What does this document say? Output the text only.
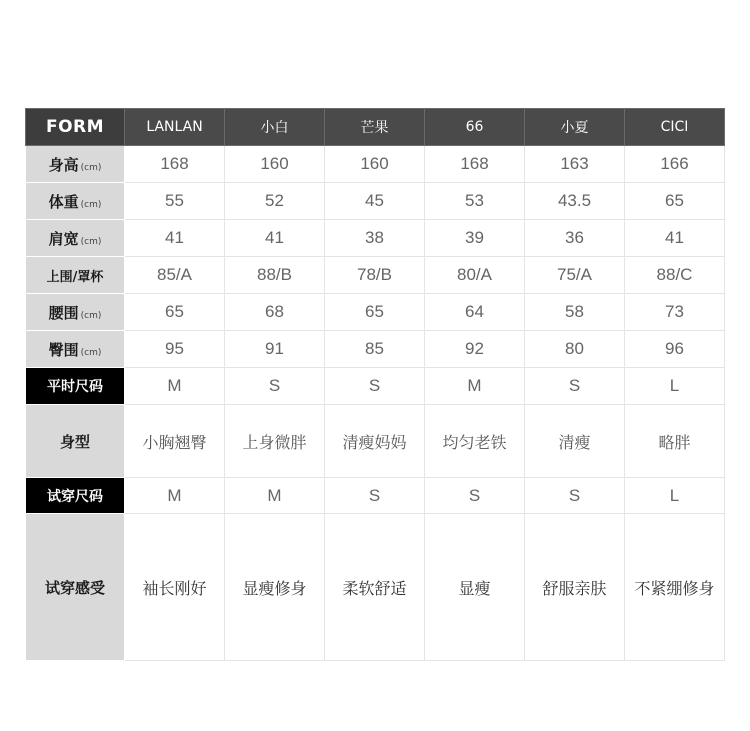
FORM	LANLAN	小白	芒果	66	小夏	CICI
身高 (cm)	168	160	160	168	163	166
体重 (cm)	55	52	45	53	43.5	65
肩宽 (cm)	41	41	38	39	36	41
上围/罩杯	85/A	88/B	78/B	80/A	75/A	88/C
腰围 (cm)	65	68	65	64	58	73
臀围 (cm)	95	91	85	92	80	96
平时尺码	M	S	S	M	S	L
身型	小胸翘臀	上身微胖	清瘦妈妈	均匀老铁	清瘦	略胖
试穿尺码	M	M	S	S	S	L
试穿感受	袖长刚好	显瘦修身	柔软舒适	显瘦	舒服亲肤	不紧绷修身
